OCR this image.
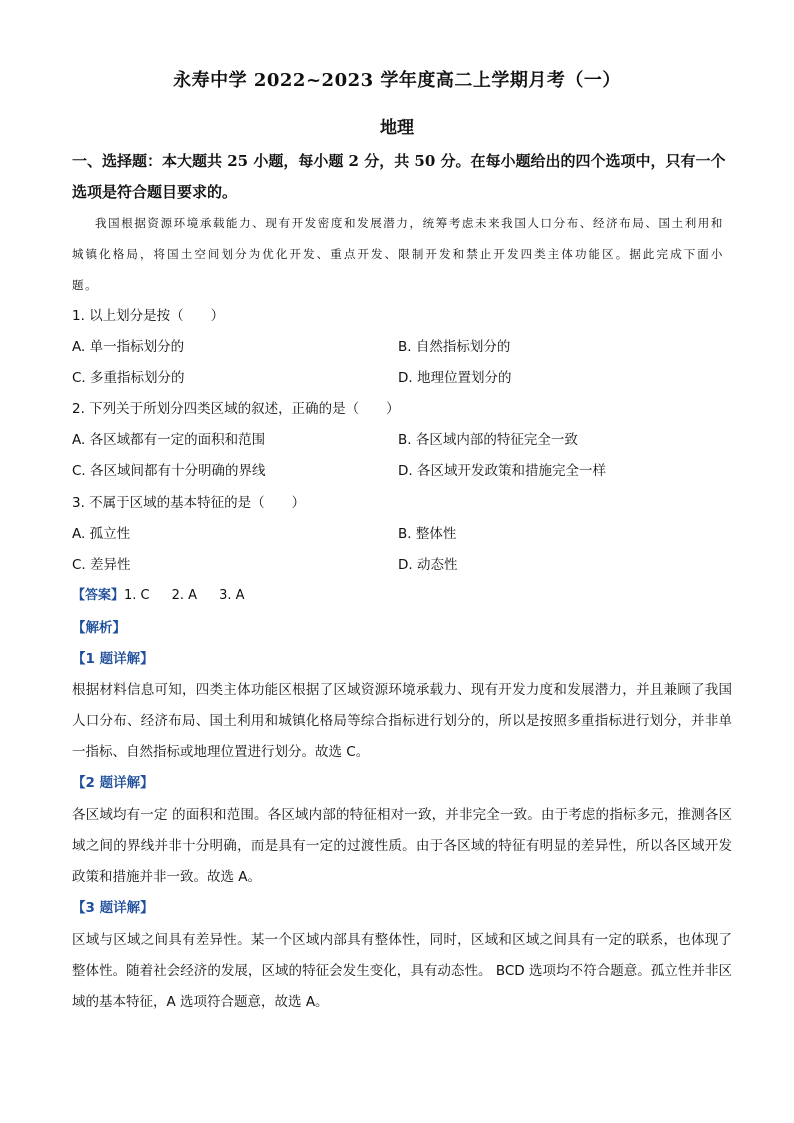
永寿中学 2022~2023 学年度高二上学期月考（一）
地理
一、选择题：本大题共 25 小题，每小题 2 分，共 50 分。在每小题给出的四个选项中，只有一个选项是符合题目要求的。
我国根据资源环境承载能力、现有开发密度和发展潜力，统筹考虑未来我国人口分布、经济布局、国土利用和城镇化格局，将国土空间划分为优化开发、重点开发、限制开发和禁止开发四类主体功能区。据此完成下面小题。
1. 以上划分是按（　　）
A. 单一指标划分的	B. 自然指标划分的
C. 多重指标划分的	D. 地理位置划分的
2. 下列关于所划分四类区域的叙述，正确的是（　　）
A. 各区域都有一定的面积和范围	B. 各区域内部的特征完全一致
C. 各区域间都有十分明确的界线	D. 各区域开发政策和措施完全一样
3. 不属于区域的基本特征的是（　　）
A. 孤立性	B. 整体性
C. 差异性	D. 动态性
【答案】1. C 2. A 3. A
【解析】
【1 题详解】
根据材料信息可知，四类主体功能区根据了区域资源环境承载力、现有开发力度和发展潜力，并且兼顾了我国人口分布、经济布局、国土利用和城镇化格局等综合指标进行划分的，所以是按照多重指标进行划分，并非单一指标、自然指标或地理位置进行划分。故选 C。
【2 题详解】
各区域均有一定 的面积和范围。各区域内部的特征相对一致，并非完全一致。由于考虑的指标多元，推测各区域之间的界线并非十分明确，而是具有一定的过渡性质。由于各区域的特征有明显的差异性，所以各区域开发政策和措施并非一致。故选 A。
【3 题详解】
区域与区域之间具有差异性。某一个区域内部具有整体性，同时，区域和区域之间具有一定的联系，也体现了整体性。随着社会经济的发展，区域的特征会发生变化，具有动态性。 BCD 选项均不符合题意。孤立性并非区域的基本特征，A 选项符合题意，故选 A。
